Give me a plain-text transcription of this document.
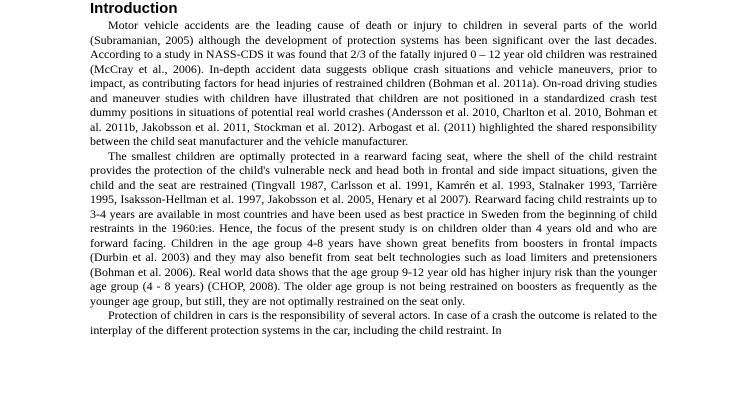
Introduction

Motor vehicle accidents are the leading cause of death or injury to children in several parts of the world (Subramanian, 2005) although the development of protection systems has been significant over the last decades. According to a study in NASS-CDS it was found that 2/3 of the fatally injured 0 – 12 year old children was restrained (McCray et al., 2006). In-depth accident data suggests oblique crash situations and vehicle maneuvers, prior to impact, as contributing factors for head injuries of restrained children (Bohman et al. 2011a). On-road driving studies and maneuver studies with children have illustrated that children are not positioned in a standardized crash test dummy positions in situations of potential real world crashes (Andersson et al. 2010, Charlton et al. 2010, Bohman et al. 2011b, Jakobsson et al. 2011, Stockman et al. 2012). Arbogast et al. (2011) highlighted the shared responsibility between the child seat manufacturer and the vehicle manufacturer.

The smallest children are optimally protected in a rearward facing seat, where the shell of the child restraint provides the protection of the child's vulnerable neck and head both in frontal and side impact situations, given the child and the seat are restrained (Tingvall 1987, Carlsson et al. 1991, Kamrén et al. 1993, Stalnaker 1993, Tarrière 1995, Isaksson-Hellman et al. 1997, Jakobsson et al. 2005, Henary et al 2007). Rearward facing child restraints up to 3-4 years are available in most countries and have been used as best practice in Sweden from the beginning of child restraints in the 1960:ies. Hence, the focus of the present study is on children older than 4 years old and who are forward facing. Children in the age group 4-8 years have shown great benefits from boosters in frontal impacts (Durbin et al. 2003) and they may also benefit from seat belt technologies such as load limiters and pretensioners (Bohman et al. 2006). Real world data shows that the age group 9-12 year old has higher injury risk than the younger age group (4 - 8 years) (CHOP, 2008). The older age group is not being restrained on boosters as frequently as the younger age group, but still, they are not optimally restrained on the seat only.

Protection of children in cars is the responsibility of several actors. In case of a crash the outcome is related to the interplay of the different protection systems in the car, including the child restraint. In
